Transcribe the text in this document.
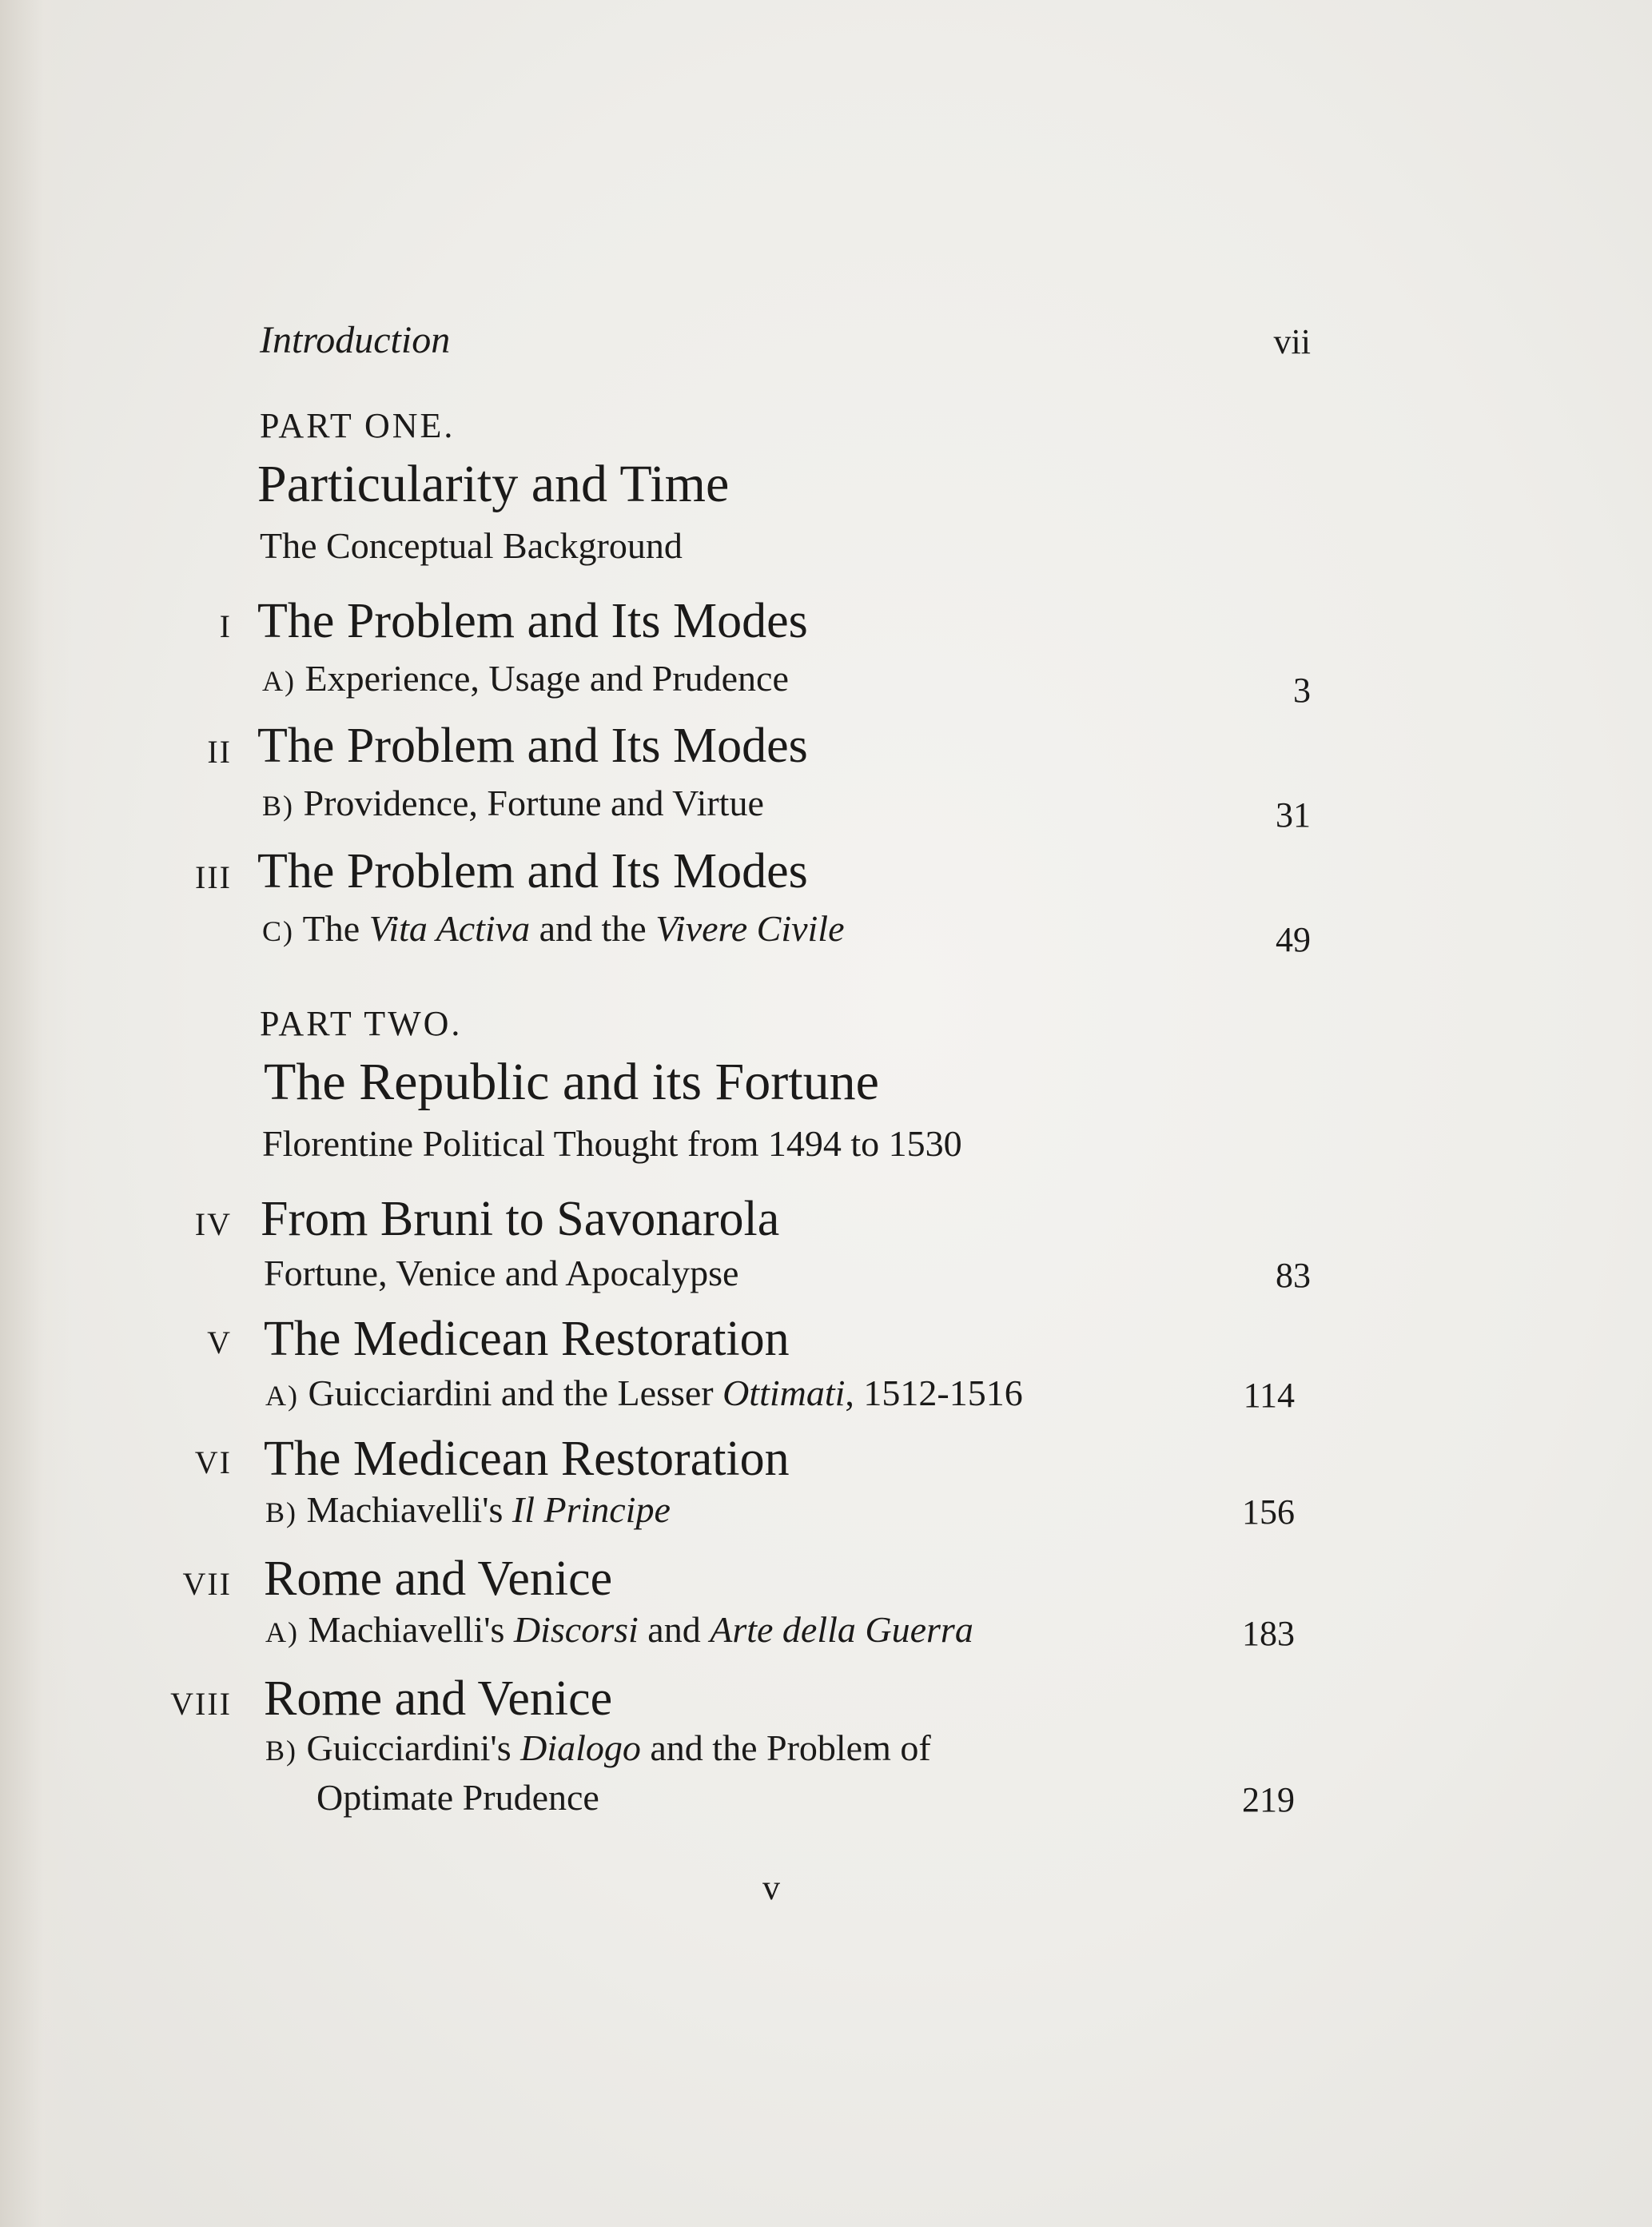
Introduction	vii
PART ONE.
Particularity and Time
The Conceptual Background
I The Problem and Its Modes
A) Experience, Usage and Prudence	3
II The Problem and Its Modes
B) Providence, Fortune and Virtue	31
III The Problem and Its Modes
C) The Vita Activa and the Vivere Civile	49
PART TWO.
The Republic and its Fortune
Florentine Political Thought from 1494 to 1530
IV From Bruni to Savonarola
Fortune, Venice and Apocalypse	83
V The Medicean Restoration
A) Guicciardini and the Lesser Ottimati, 1512-1516	114
VI The Medicean Restoration
B) Machiavelli's Il Principe	156
VII Rome and Venice
A) Machiavelli's Discorsi and Arte della Guerra	183
VIII Rome and Venice
B) Guicciardini's Dialogo and the Problem of
Optimate Prudence	219
v
